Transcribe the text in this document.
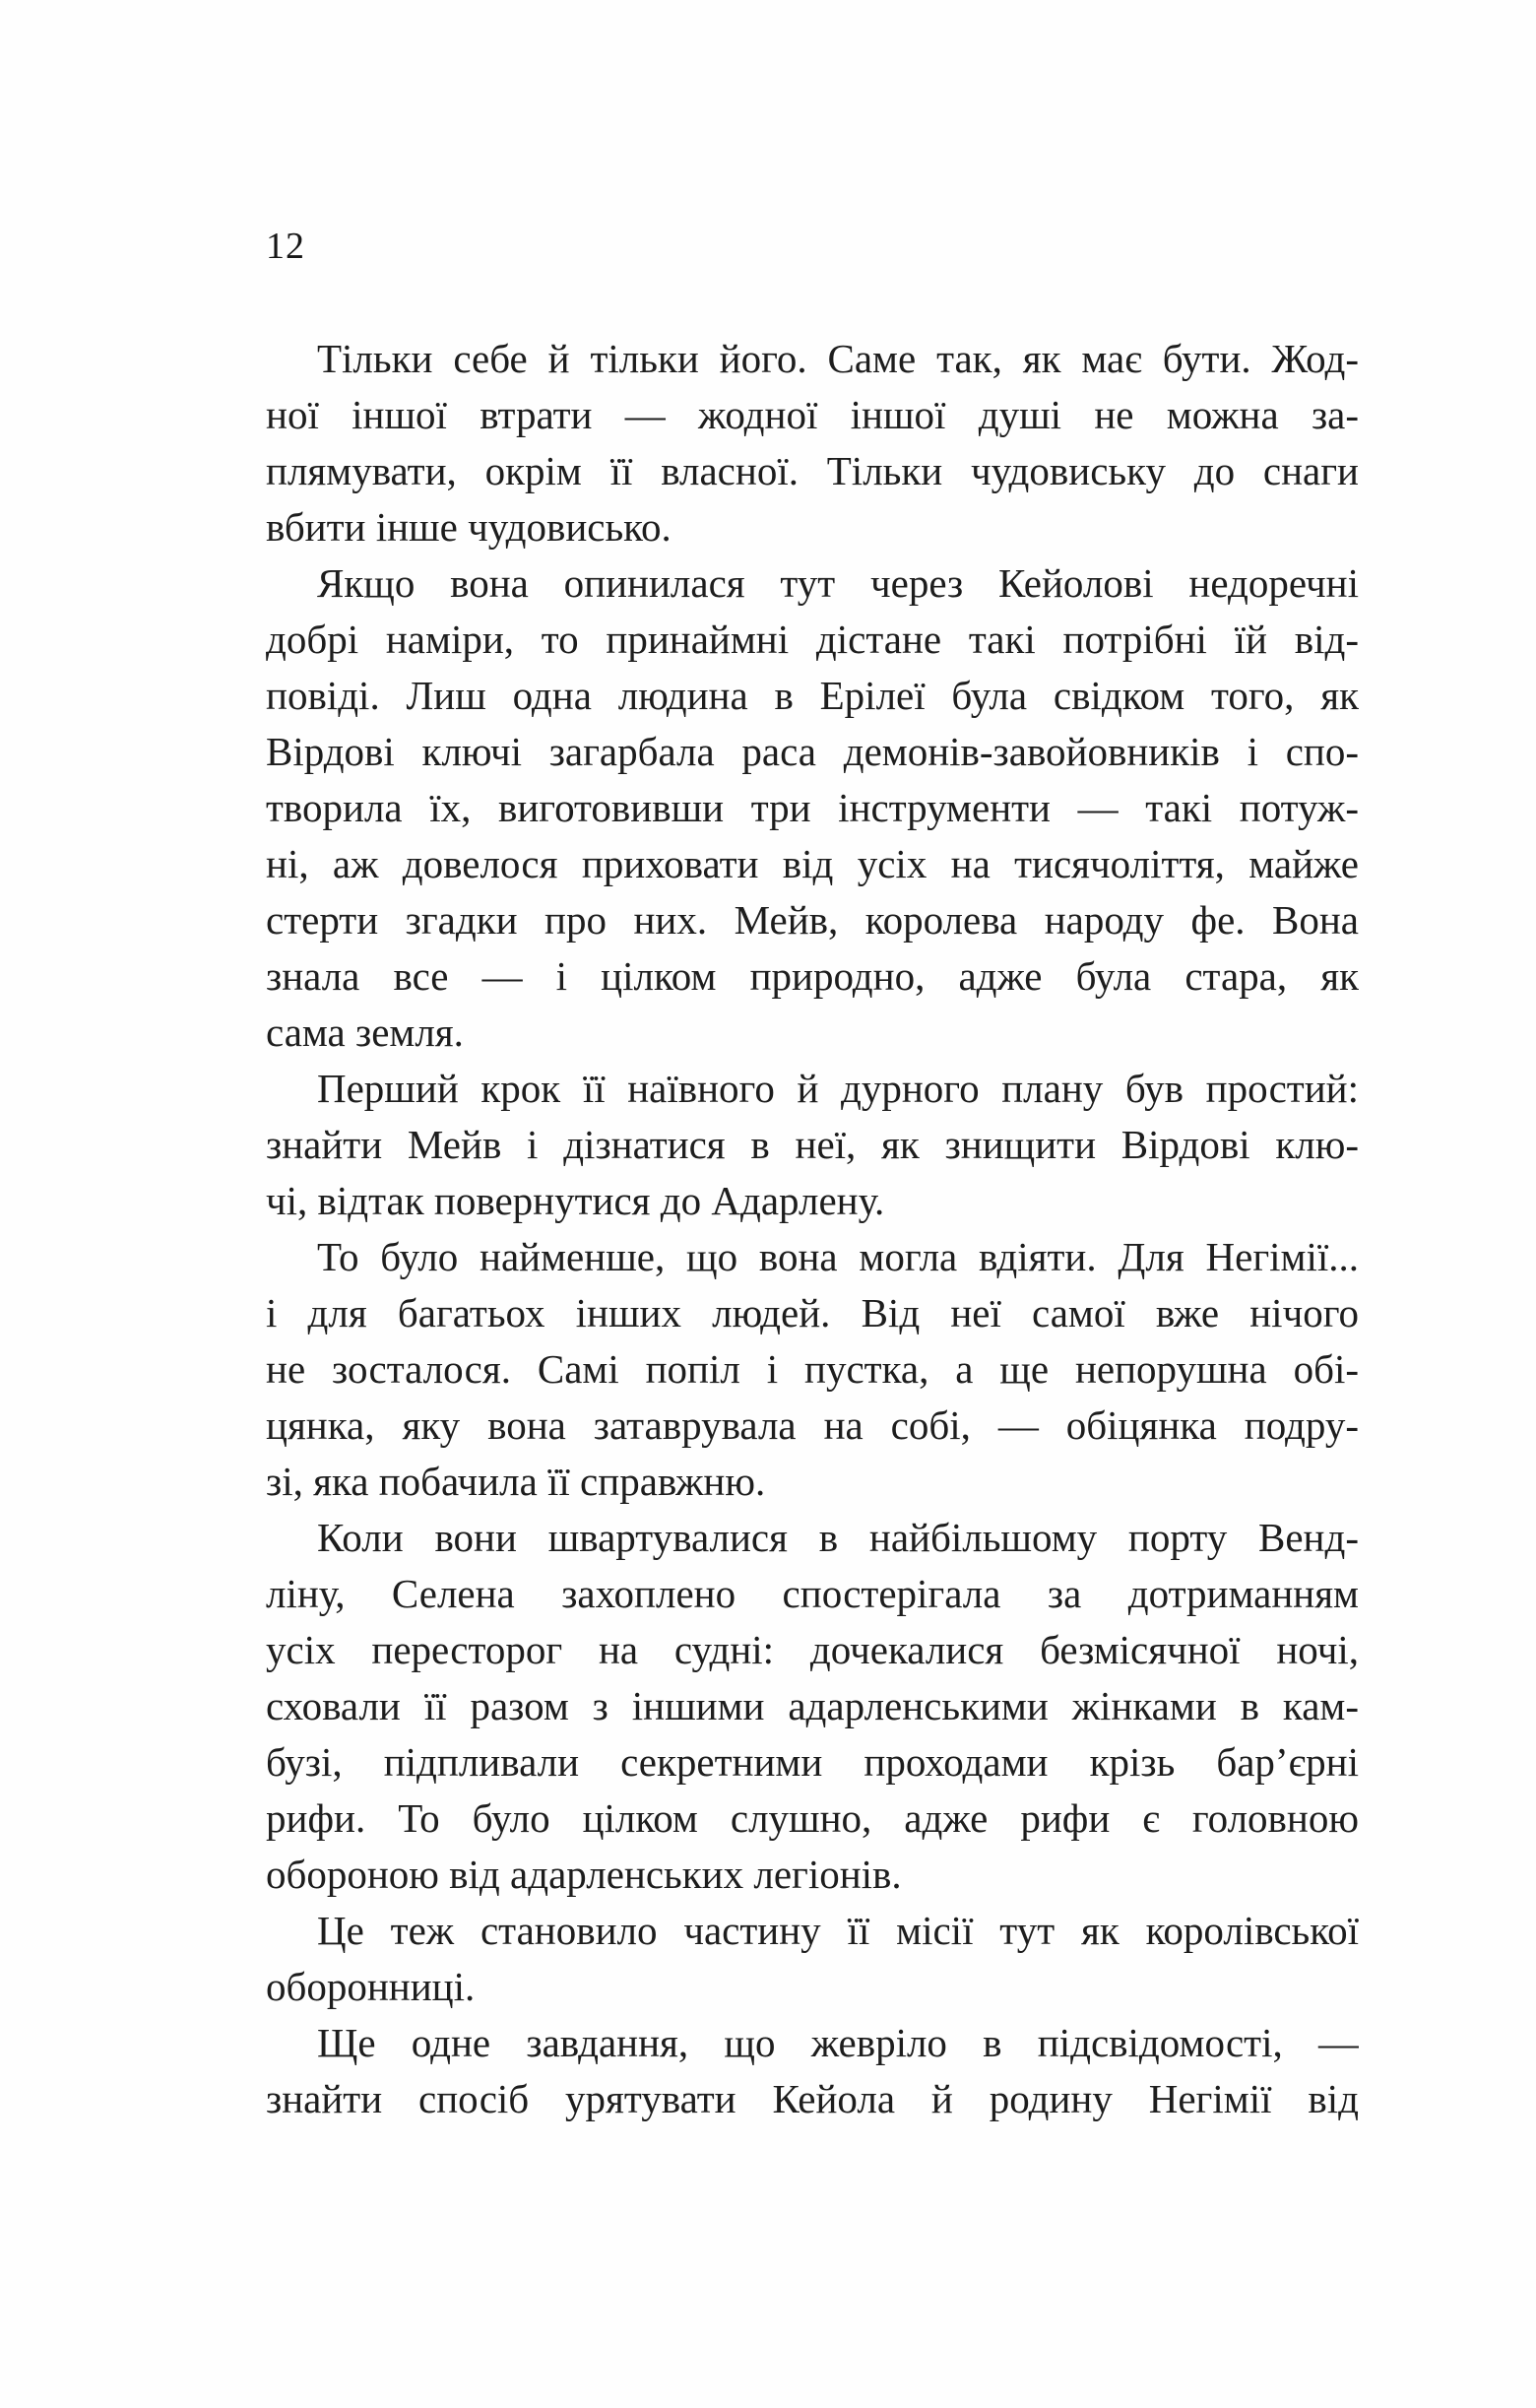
12
Тільки себе й тільки його. Саме так, як має бути. Жод-
ної іншої втрати — жодної іншої душі не можна за-
плямувати, окрім її власної. Тільки чудовиську до снаги
вбити інше чудовисько.
Якщо вона опинилася тут через Кейолові недоречні
добрі наміри, то принаймні дістане такі потрібні їй від-
повіді. Лиш одна людина в Ерілеї була свідком того, як
Вірдові ключі загарбала раса демонів-завойовників і спо-
творила їх, виготовивши три інструменти — такі потуж-
ні, аж довелося приховати від усіх на тисячоліття, майже
стерти згадки про них. Мейв, королева народу фе. Вона
знала все — і цілком природно, адже була стара, як
сама земля.
Перший крок її наївного й дурного плану був простий:
знайти Мейв і дізнатися в неї, як знищити Вірдові клю-
чі, відтак повернутися до Адарлену.
То було найменше, що вона могла вдіяти. Для Негімії...
і для багатьох інших людей. Від неї самої вже нічого
не зосталося. Самі попіл і пустка, а ще непорушна обі-
цянка, яку вона затаврувала на собі, — обіцянка подру-
зі, яка побачила її справжню.
Коли вони швартувалися в найбільшому порту Венд-
ліну, Селена захоплено спостерігала за дотриманням
усіх пересторог на судні: дочекалися безмісячної ночі,
сховали її разом з іншими адарленськими жінками в кам-
бузі, підпливали секретними проходами крізь бар’єрні
рифи. То було цілком слушно, адже рифи є головною
обороною від адарленських легіонів.
Це теж становило частину її місії тут як королівської
оборонниці.
Ще одне завдання, що жевріло в підсвідомості, —
знайти спосіб урятувати Кейола й родину Негімії від
